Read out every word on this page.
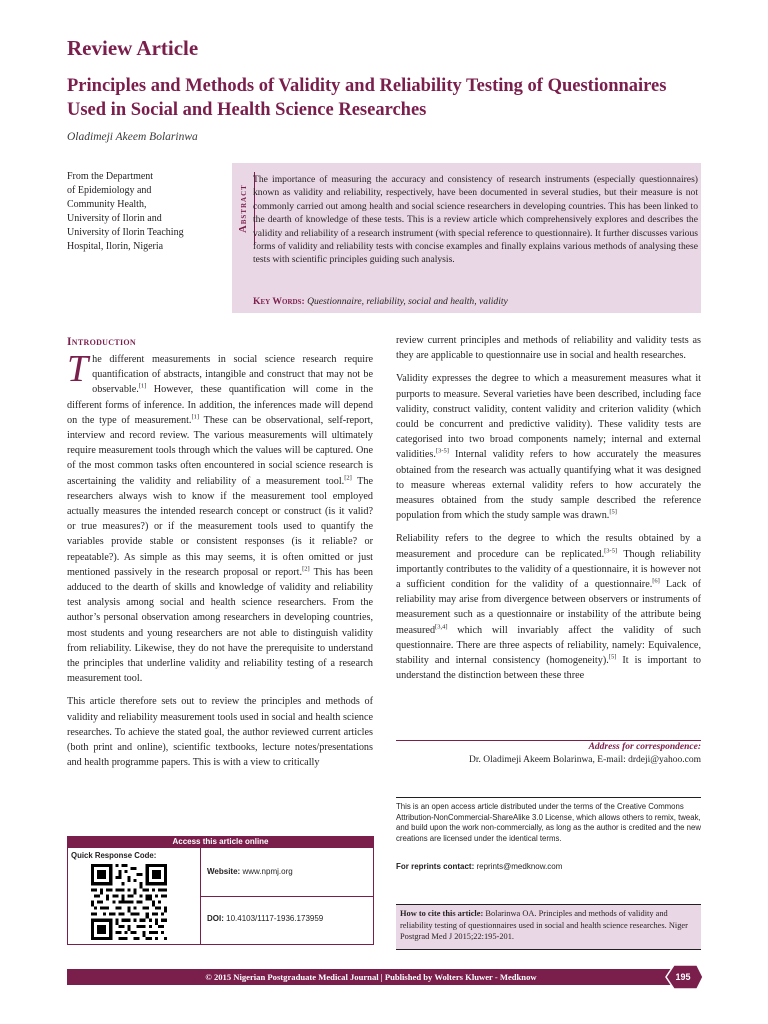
Review Article
Principles and Methods of Validity and Reliability Testing of Questionnaires Used in Social and Health Science Researches
Oladimeji Akeem Bolarinwa
From the Department
of Epidemiology and
Community Health,
University of Ilorin and
University of Ilorin Teaching
Hospital, Ilorin, Nigeria
Abstract
The importance of measuring the accuracy and consistency of research instruments (especially questionnaires) known as validity and reliability, respectively, have been documented in several studies, but their measure is not commonly carried out among health and social science researchers in developing countries. This has been linked to the dearth of knowledge of these tests. This is a review article which comprehensively explores and describes the validity and reliability of a research instrument (with special reference to questionnaire). It further discusses various forms of validity and reliability tests with concise examples and finally explains various methods of analysing these tests with scientific principles guiding such analysis.
Key Words: Questionnaire, reliability, social and health, validity
Introduction

The different measurements in social science research require quantification of abstracts, intangible and construct that may not be observable.[1] However, these quantification will come in the different forms of inference. In addition, the inferences made will depend on the type of measurement.[1] These can be observational, self-report, interview and record review. The various measurements will ultimately require measurement tools through which the values will be captured. One of the most common tasks often encountered in social science research is ascertaining the validity and reliability of a measurement tool.[2] The researchers always wish to know if the measurement tool employed actually measures the intended research concept or construct (is it valid? or true measures?) or if the measurement tools used to quantify the variables provide stable or consistent responses (is it reliable? or repeatable?). As simple as this may seems, it is often omitted or just mentioned passively in the research proposal or report.[2] This has been adduced to the dearth of skills and knowledge of validity and reliability test analysis among social and health science researchers. From the author’s personal observation among researchers in developing countries, most students and young researchers are not able to distinguish validity from reliability. Likewise, they do not have the prerequisite to understand the principles that underline validity and reliability testing of a research measurement tool.

This article therefore sets out to review the principles and methods of validity and reliability measurement tools used in social and health science researches. To achieve the stated goal, the author reviewed current articles (both print and online), scientific textbooks, lecture notes/presentations and health programme papers. This is with a view to critically

review current principles and methods of reliability and validity tests as they are applicable to questionnaire use in social and health researches.

Validity expresses the degree to which a measurement measures what it purports to measure. Several varieties have been described, including face validity, construct validity, content validity and criterion validity (which could be concurrent and predictive validity). These validity tests are categorised into two broad components namely; internal and external validities.[3-5] Internal validity refers to how accurately the measures obtained from the research was actually quantifying what it was designed to measure whereas external validity refers to how accurately the measures obtained from the study sample described the reference population from which the study sample was drawn.[5]

Reliability refers to the degree to which the results obtained by a measurement and procedure can be replicated.[3-5] Though reliability importantly contributes to the validity of a questionnaire, it is however not a sufficient condition for the validity of a questionnaire.[6] Lack of reliability may arise from divergence between observers or instruments of measurement such as a questionnaire or instability of the attribute being measured[3,4] which will invariably affect the validity of such questionnaire. There are three aspects of reliability, namely: Equivalence, stability and internal consistency (homogeneity).[5] It is important to understand the distinction between these three

Address for correspondence:
Dr. Oladimeji Akeem Bolarinwa, E-mail: drdeji@yahoo.com
This is an open access article distributed under the terms of the Creative Commons Attribution-NonCommercial-ShareAlike 3.0 License, which allows others to remix, tweak, and build upon the work non-commercially, as long as the author is credited and the new creations are licensed under the identical terms.
For reprints contact: reprints@medknow.com
How to cite this article: Bolarinwa OA. Principles and methods of validity and reliability testing of questionnaires used in social and health science researches. Niger Postgrad Med J 2015;22:195-201.
Access this article online
Quick Response Code:
Website: www.npmj.org
DOI: 10.4103/1117-1936.173959
© 2015 Nigerian Postgraduate Medical Journal | Published by Wolters Kluwer - Medknow	195
